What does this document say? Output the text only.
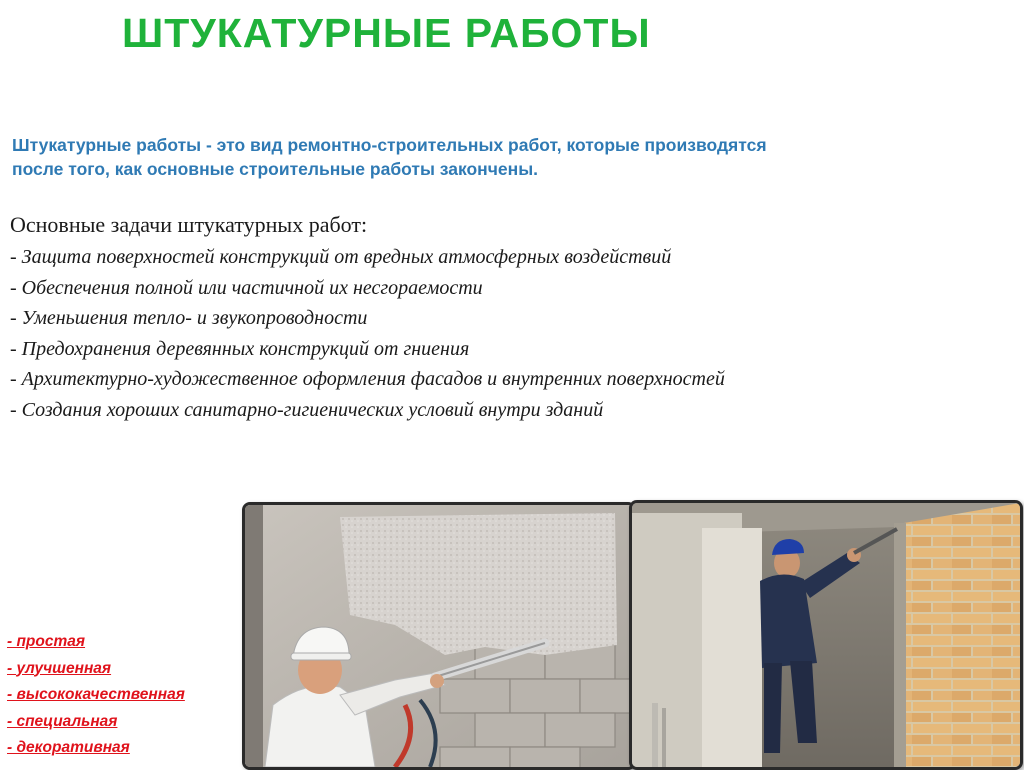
ШТУКАТУРНЫЕ РАБОТЫ
Штукатурные работы - это вид ремонтно-строительных работ, которые производятся
после того, как основные строительные работы закончены.
Основные задачи штукатурных работ:
- Защита поверхностей конструкций от вредных атмосферных воздействий
- Обеспечения полной или частичной их несгораемости
- Уменьшения тепло- и звукопроводности
- Предохранения деревянных конструкций от гниения
- Архитектурно-художественное оформления фасадов и внутренних поверхностей
- Создания хороших санитарно-гигиенических условий внутри зданий
- простая
- улучшенная
- высококачественная
- специальная
- декоративная
